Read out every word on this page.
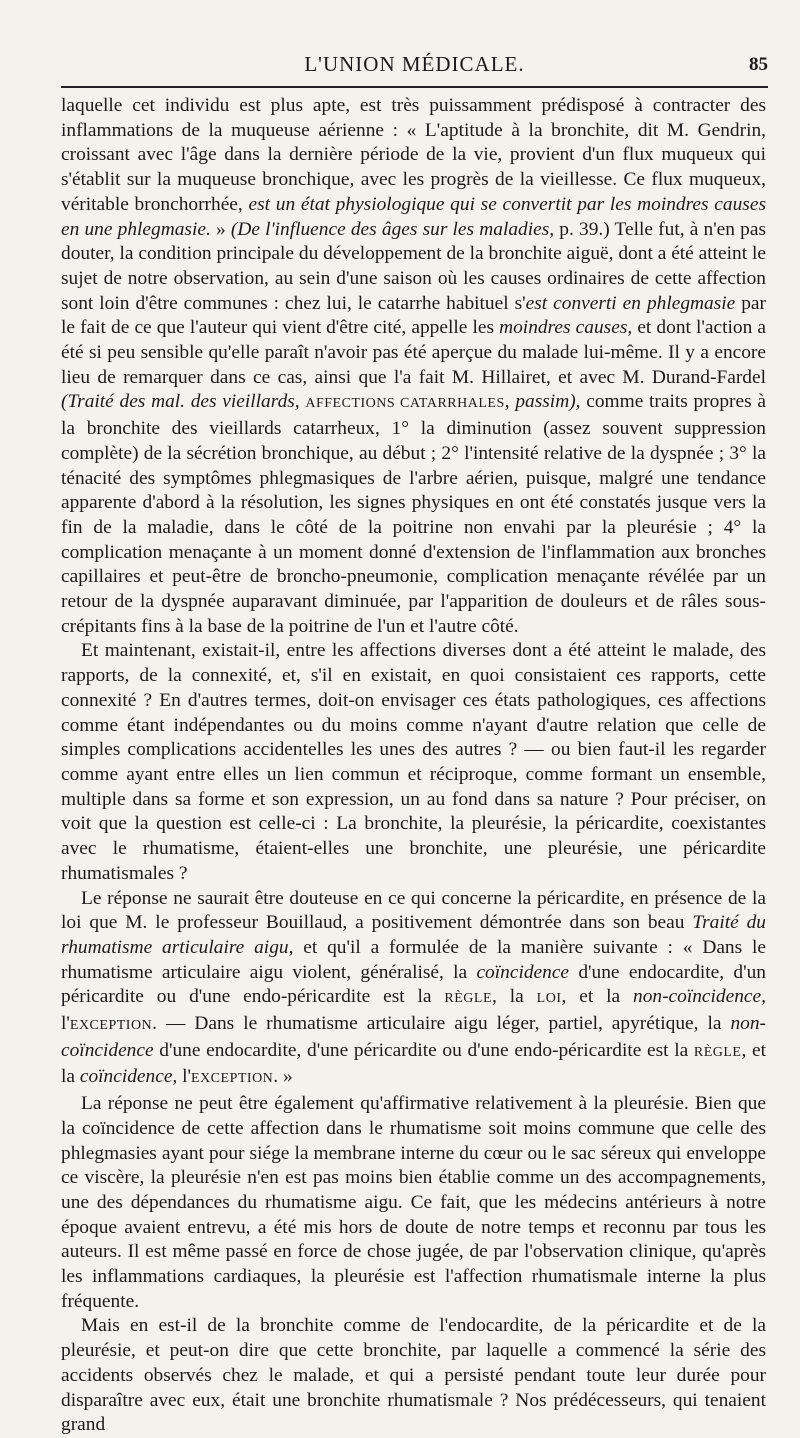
L'UNION MÉDICALE.	85

laquelle cet individu est plus apte, est très puissamment prédisposé à contracter des inflammations de la muqueuse aérienne : « L'aptitude à la bronchite, dit M. Gendrin, croissant avec l'âge dans la dernière période de la vie, provient d'un flux muqueux qui s'établit sur la muqueuse bronchique, avec les progrès de la vieillesse. Ce flux muqueux, véritable bronchorrhée, est un état physiologique qui se convertit par les moindres causes en une phlegmasie. » (De l'influence des âges sur les maladies, p. 39.) Telle fut, à n'en pas douter, la condition principale du développement de la bronchite aiguë, dont a été atteint le sujet de notre observation, au sein d'une saison où les causes ordinaires de cette affection sont loin d'être communes : chez lui, le catarrhe habituel s'est converti en phlegmasie par le fait de ce que l'auteur qui vient d'être cité, appelle les moindres causes, et dont l'action a été si peu sensible qu'elle paraît n'avoir pas été aperçue du malade lui-même. Il y a encore lieu de remarquer dans ce cas, ainsi que l'a fait M. Hillairet, et avec M. Durand-Fardel (Traité des mal. des vieillards, AFFECTIONS CATARRHALES, passim), comme traits propres à la bronchite des vieillards catarrheux, 1° la diminution (assez souvent suppression complète) de la sécrétion bronchique, au début ; 2° l'intensité relative de la dyspnée ; 3° la ténacité des symptômes phlegmasiques de l'arbre aérien, puisque, malgré une tendance apparente d'abord à la résolution, les signes physiques en ont été constatés jusque vers la fin de la maladie, dans le côté de la poitrine non envahi par la pleurésie ; 4° la complication menaçante à un moment donné d'extension de l'inflammation aux bronches capillaires et peut-être de broncho-pneumonie, complication menaçante révélée par un retour de la dyspnée auparavant diminuée, par l'apparition de douleurs et de râles sous-crépitants fins à la base de la poitrine de l'un et l'autre côté.

Et maintenant, existait-il, entre les affections diverses dont a été atteint le malade, des rapports, de la connexité, et, s'il en existait, en quoi consistaient ces rapports, cette connexité ? En d'autres termes, doit-on envisager ces états pathologiques, ces affections comme étant indépendantes ou du moins comme n'ayant d'autre relation que celle de simples complications accidentelles les unes des autres ? — ou bien faut-il les regarder comme ayant entre elles un lien commun et réciproque, comme formant un ensemble, multiple dans sa forme et son expression, un au fond dans sa nature ? Pour préciser, on voit que la question est celle-ci : La bronchite, la pleurésie, la péricardite, coexistantes avec le rhumatisme, étaient-elles une bronchite, une pleurésie, une péricardite rhumatismales ?

Le réponse ne saurait être douteuse en ce qui concerne la péricardite, en présence de la loi que M. le professeur Bouillaud, a positivement démontrée dans son beau Traité du rhumatisme articulaire aigu, et qu'il a formulée de la manière suivante : « Dans le rhumatisme articulaire aigu violent, généralisé, la coïncidence d'une endocardite, d'un péricardite ou d'une endo-péricardite est la RÈGLE, la LOI, et la non-coïncidence, l'EXCEPTION. — Dans le rhumatisme articulaire aigu léger, partiel, apyrétique, la non-coïncidence d'une endocardite, d'une péricardite ou d'une endo-péricardite est la RÈGLE, et la coïncidence, l'EXCEPTION. »

La réponse ne peut être également qu'affirmative relativement à la pleurésie. Bien que la coïncidence de cette affection dans le rhumatisme soit moins commune que celle des phlegmasies ayant pour siége la membrane interne du cœur ou le sac séreux qui enveloppe ce viscère, la pleurésie n'en est pas moins bien établie comme un des accompagnements, une des dépendances du rhumatisme aigu. Ce fait, que les médecins antérieurs à notre époque avaient entrevu, a été mis hors de doute de notre temps et reconnu par tous les auteurs. Il est même passé en force de chose jugée, de par l'observation clinique, qu'après les inflammations cardiaques, la pleurésie est l'affection rhumatismale interne la plus fréquente.

Mais en est-il de la bronchite comme de l'endocardite, de la péricardite et de la pleurésie, et peut-on dire que cette bronchite, par laquelle a commencé la série des accidents observés chez le malade, et qui a persisté pendant toute leur durée pour disparaître avec eux, était une bronchite rhumatismale ? Nos prédécesseurs, qui tenaient grand
